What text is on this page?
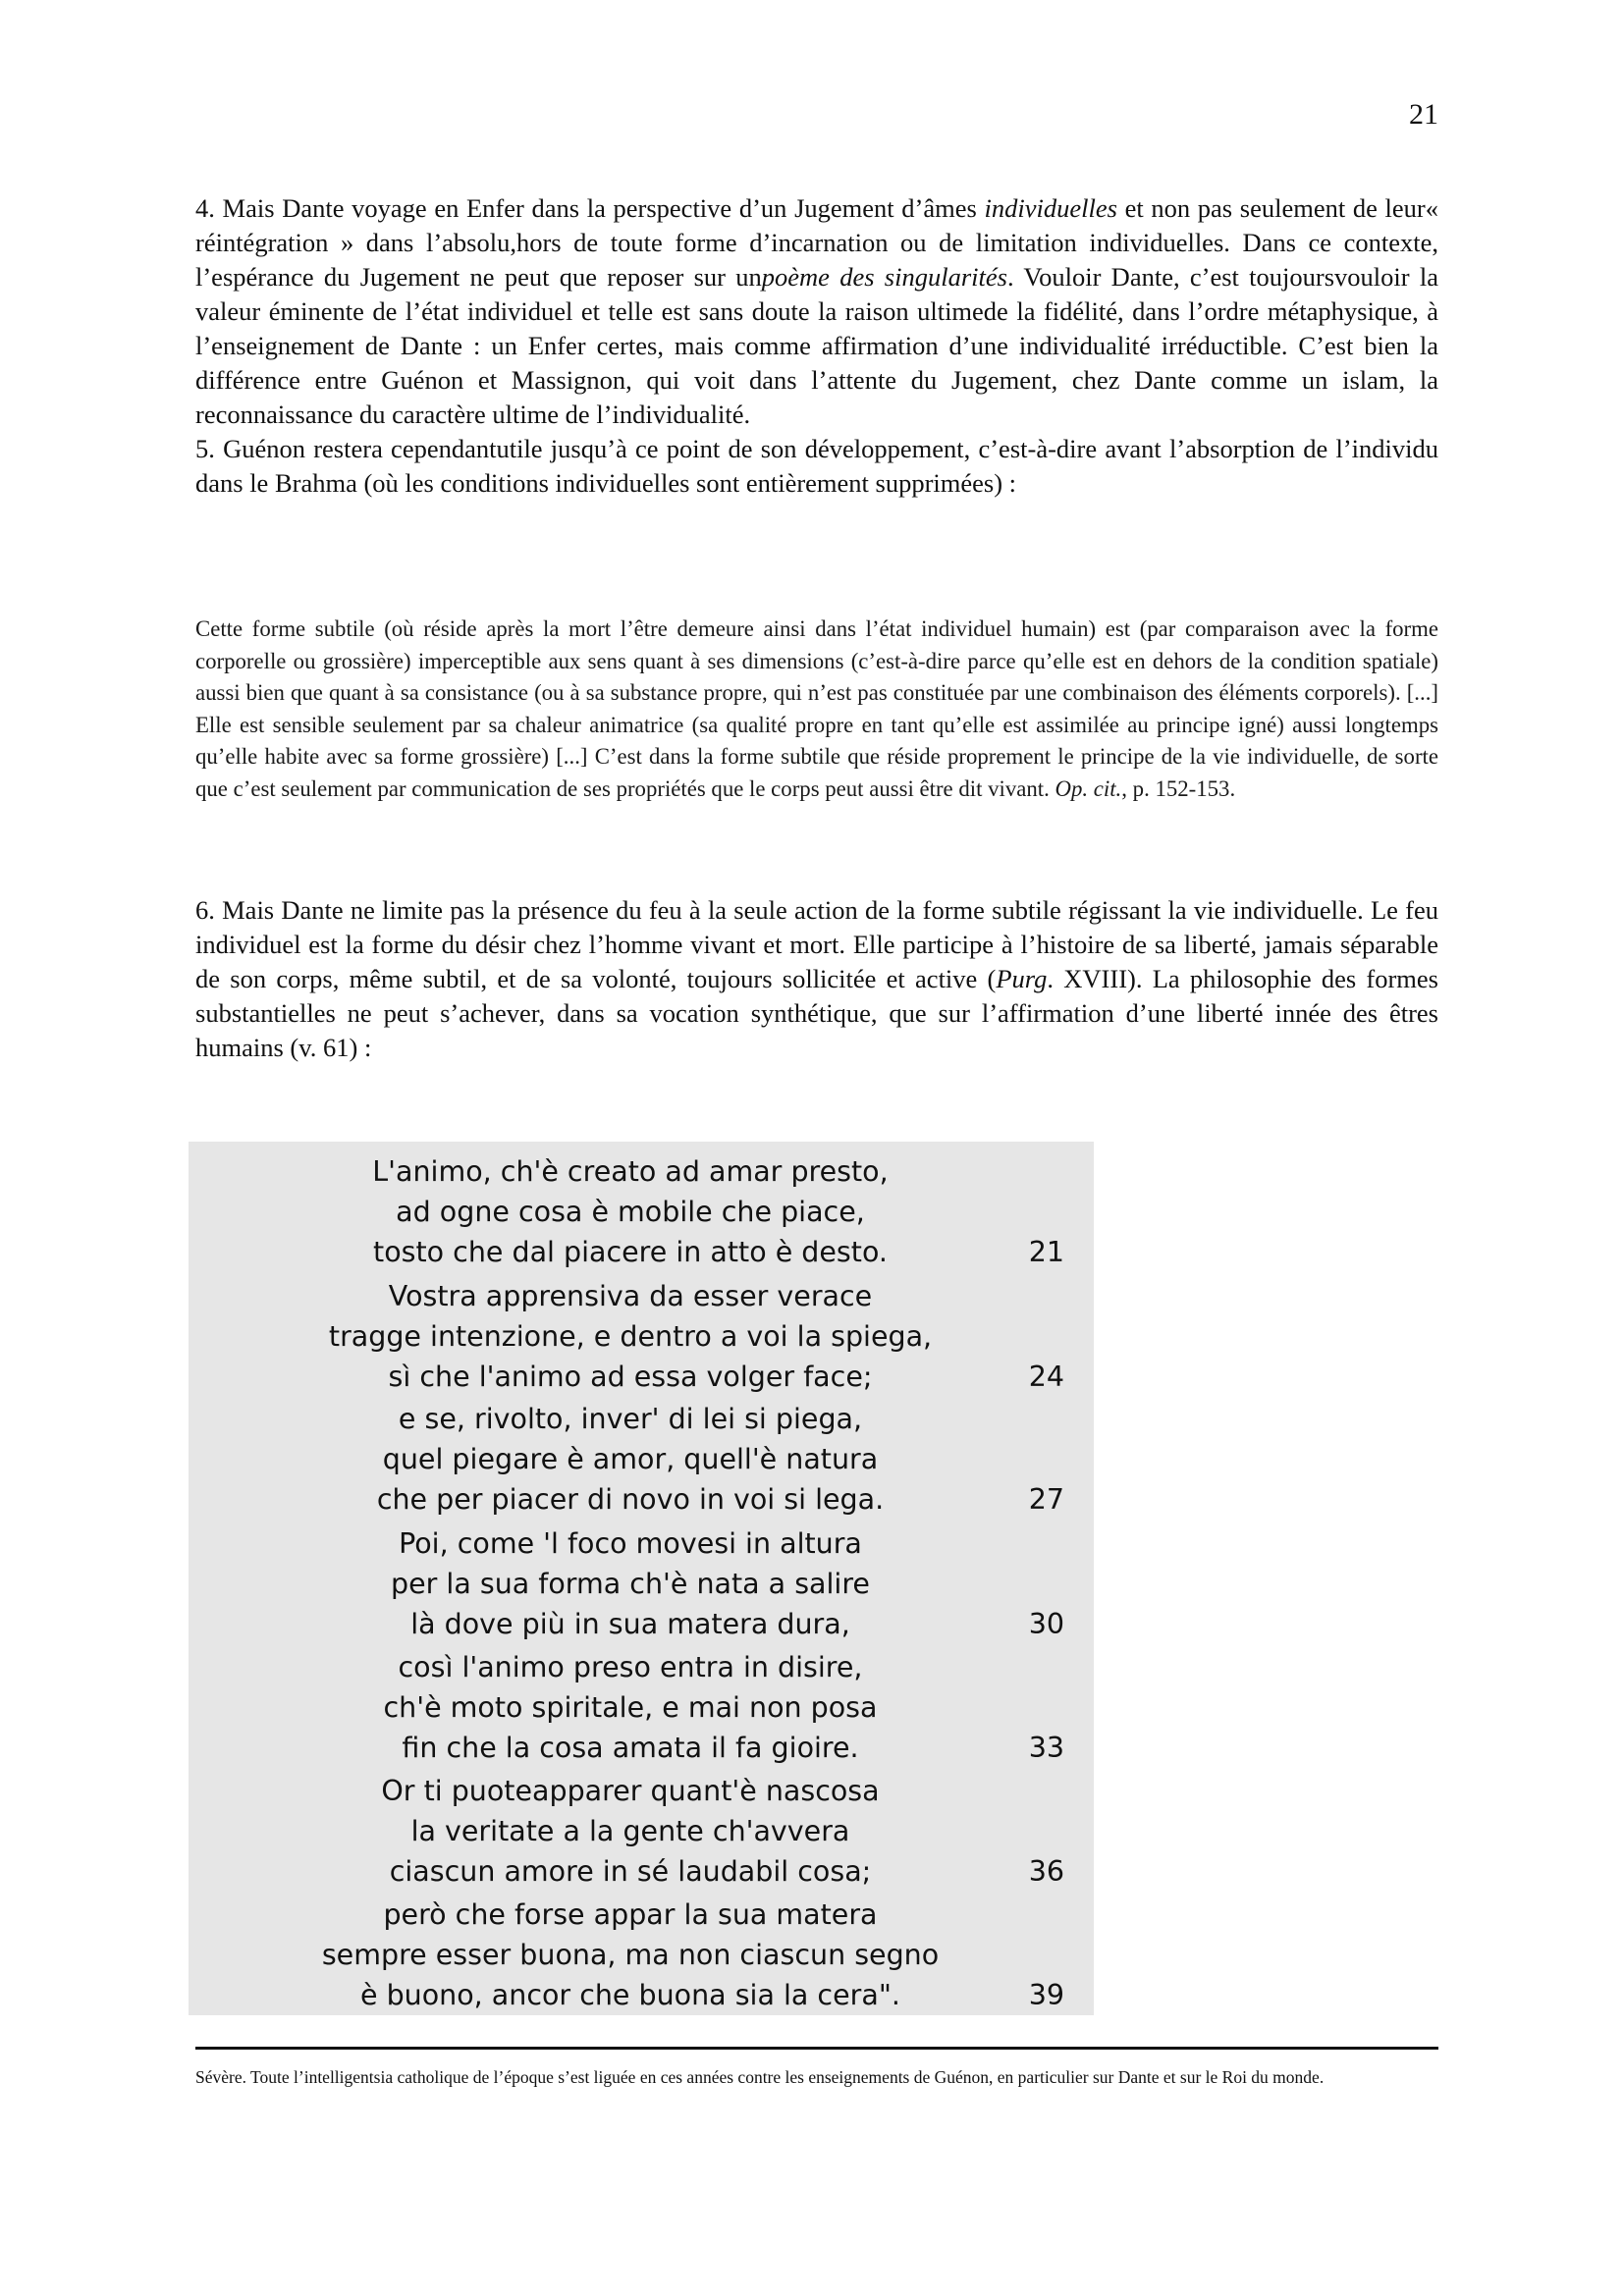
21

4. Mais Dante voyage en Enfer dans la perspective d’un Jugement d’âmes individuelles et non pas seulement de leur« réintégration » dans l’absolu,hors de toute forme d’incarnation ou de limitation individuelles. Dans ce contexte, l’espérance du Jugement ne peut que reposer sur unpoème des singularités. Vouloir Dante, c’est toujoursvouloir la valeur éminente de l’état individuel et telle est sans doute la raison ultimede la fidélité, dans l’ordre métaphysique, à l’enseignement de Dante : un Enfer certes, mais comme affirmation d’une individualité irréductible. C’est bien la différence entre Guénon et Massignon, qui voit dans l’attente du Jugement, chez Dante comme un islam, la reconnaissance du caractère ultime de l’individualité.

5. Guénon restera cependantutile jusqu’à ce point de son développement, c’est-à-dire avant l’absorption de l’individu dans le Brahma (où les conditions individuelles sont entièrement supprimées) :

Cette forme subtile (où réside après la mort l’être demeure ainsi dans l’état individuel humain) est (par comparaison avec la forme corporelle ou grossière) imperceptible aux sens quant à ses dimensions (c’est-à-dire parce qu’elle est en dehors de la condition spatiale) aussi bien que quant à sa consistance (ou à sa substance propre, qui n’est pas constituée par une combinaison des éléments corporels). [...] Elle est sensible seulement par sa chaleur animatrice (sa qualité propre en tant qu’elle est assimilée au principe igné) aussi longtemps qu’elle habite avec sa forme grossière) [...] C’est dans la forme subtile que réside proprement le principe de la vie individuelle, de sorte que c’est seulement par communication de ses propriétés que le corps peut aussi être dit vivant. Op. cit., p. 152-153.
6. Mais Dante ne limite pas la présence du feu à la seule action de la forme subtile régissant la vie individuelle. Le feu individuel est la forme du désir chez l’homme vivant et mort. Elle participe à l’histoire de sa liberté, jamais séparable de son corps, même subtil, et de sa volonté, toujours sollicitée et active (Purg. XVIII). La philosophie des formes substantielles ne peut s’achever, dans sa vocation synthétique, que sur l’affirmation d’une liberté innée des êtres humains (v. 61) :
L'animo, ch'è creato ad amar presto,
ad ogne cosa è mobile che piace,
tosto che dal piacere in atto è desto.	21
Vostra apprensiva da esser verace
tragge intenzione, e dentro a voi la spiega,
sì che l'animo ad essa volger face;	24
e se, rivolto, inver' di lei si piega,
quel piegare è amor, quell'è natura
che per piacer di novo in voi si lega.	27
Poi, come 'l foco movesi in altura
per la sua forma ch'è nata a salire
là dove più in sua matera dura,	30
così l'animo preso entra in disire,
ch'è moto spiritale, e mai non posa
fin che la cosa amata il fa gioire.	33
Or ti puoteapparer quant'è nascosa
la veritate a la gente ch'avvera
ciascun amore in sé laudabil cosa;	36
però che forse appar la sua matera
sempre esser buona, ma non ciascun segno
è buono, ancor che buona sia la cera".	39
Sévère. Toute l’intelligentsia catholique de l’époque s’est liguée en ces années contre les enseignements de Guénon, en particulier sur Dante et sur le Roi du monde.
